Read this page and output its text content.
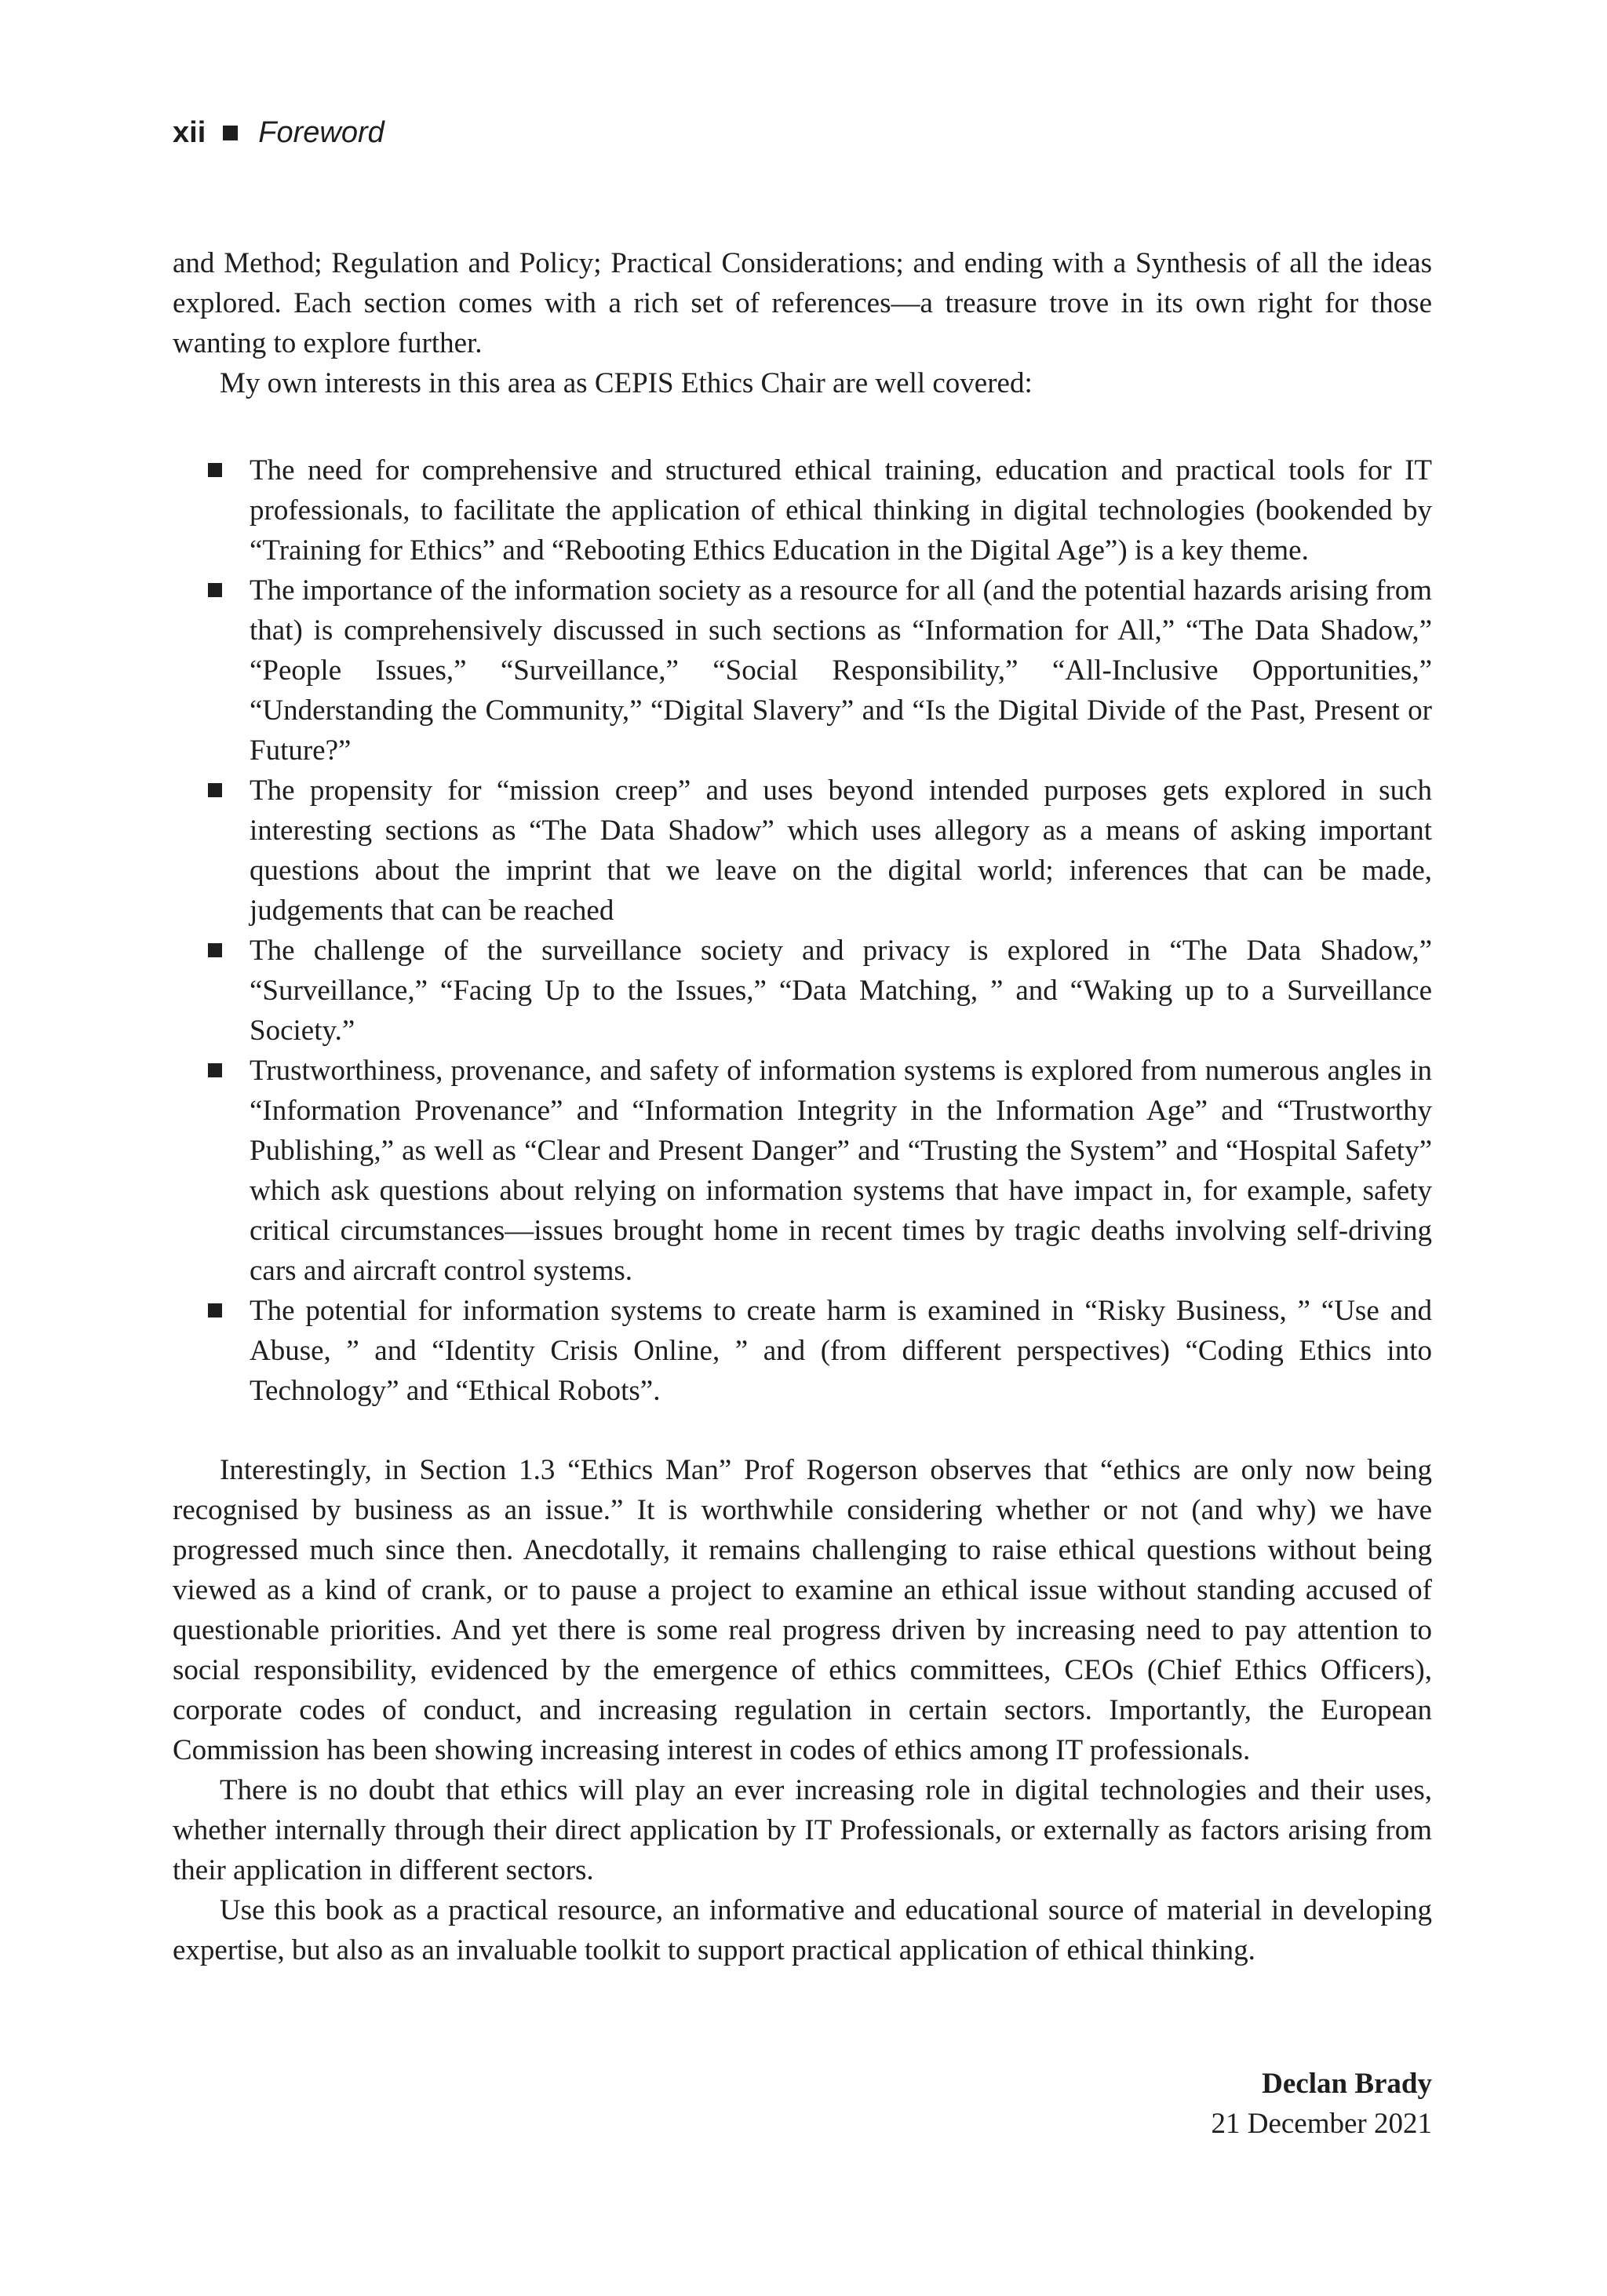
xii Foreword

and Method; Regulation and Policy; Practical Considerations; and ending with a Synthesis of all the ideas explored. Each section comes with a rich set of references—a treasure trove in its own right for those wanting to explore further.

My own interests in this area as CEPIS Ethics Chair are well covered:

The need for comprehensive and structured ethical training, education and practical tools for IT professionals, to facilitate the application of ethical thinking in digital technologies (bookended by “Training for Ethics” and “Rebooting Ethics Education in the Digital Age”) is a key theme.
The importance of the information society as a resource for all (and the potential hazards arising from that) is comprehensively discussed in such sections as “Information for All,” “The Data Shadow,” “People Issues,” “Surveillance,” “Social Responsibility,” “All-Inclusive Opportunities,” “Understanding the Community,” “Digital Slavery” and “Is the Digital Divide of the Past, Present or Future?”
The propensity for “mission creep” and uses beyond intended purposes gets explored in such interesting sections as “The Data Shadow” which uses allegory as a means of asking important questions about the imprint that we leave on the digital world; inferences that can be made, judgements that can be reached
The challenge of the surveillance society and privacy is explored in “The Data Shadow,” “Surveillance,” “Facing Up to the Issues,” “Data Matching, ” and “Waking up to a Surveillance Society.”
Trustworthiness, provenance, and safety of information systems is explored from numerous angles in “Information Provenance” and “Information Integrity in the Information Age” and “Trustworthy Publishing,” as well as “Clear and Present Danger” and “Trusting the System” and “Hospital Safety” which ask questions about relying on information systems that have impact in, for example, safety critical circumstances—issues brought home in recent times by tragic deaths involving self-driving cars and aircraft control systems.
The potential for information systems to create harm is examined in “Risky Business, ” “Use and Abuse, ” and “Identity Crisis Online, ” and (from different perspectives) “Coding Ethics into Technology” and “Ethical Robots”.

Interestingly, in Section 1.3 “Ethics Man” Prof Rogerson observes that “ethics are only now being recognised by business as an issue.” It is worthwhile considering whether or not (and why) we have progressed much since then. Anecdotally, it remains challenging to raise ethical questions without being viewed as a kind of crank, or to pause a project to examine an ethical issue without standing accused of questionable priorities. And yet there is some real progress driven by increasing need to pay attention to social responsibility, evidenced by the emergence of ethics committees, CEOs (Chief Ethics Officers), corporate codes of conduct, and increasing regulation in certain sectors. Importantly, the European Commission has been showing increasing interest in codes of ethics among IT professionals.

There is no doubt that ethics will play an ever increasing role in digital technologies and their uses, whether internally through their direct application by IT Professionals, or externally as factors arising from their application in different sectors.

Use this book as a practical resource, an informative and educational source of material in developing expertise, but also as an invaluable toolkit to support practical application of ethical thinking.

Declan Brady
21 December 2021
